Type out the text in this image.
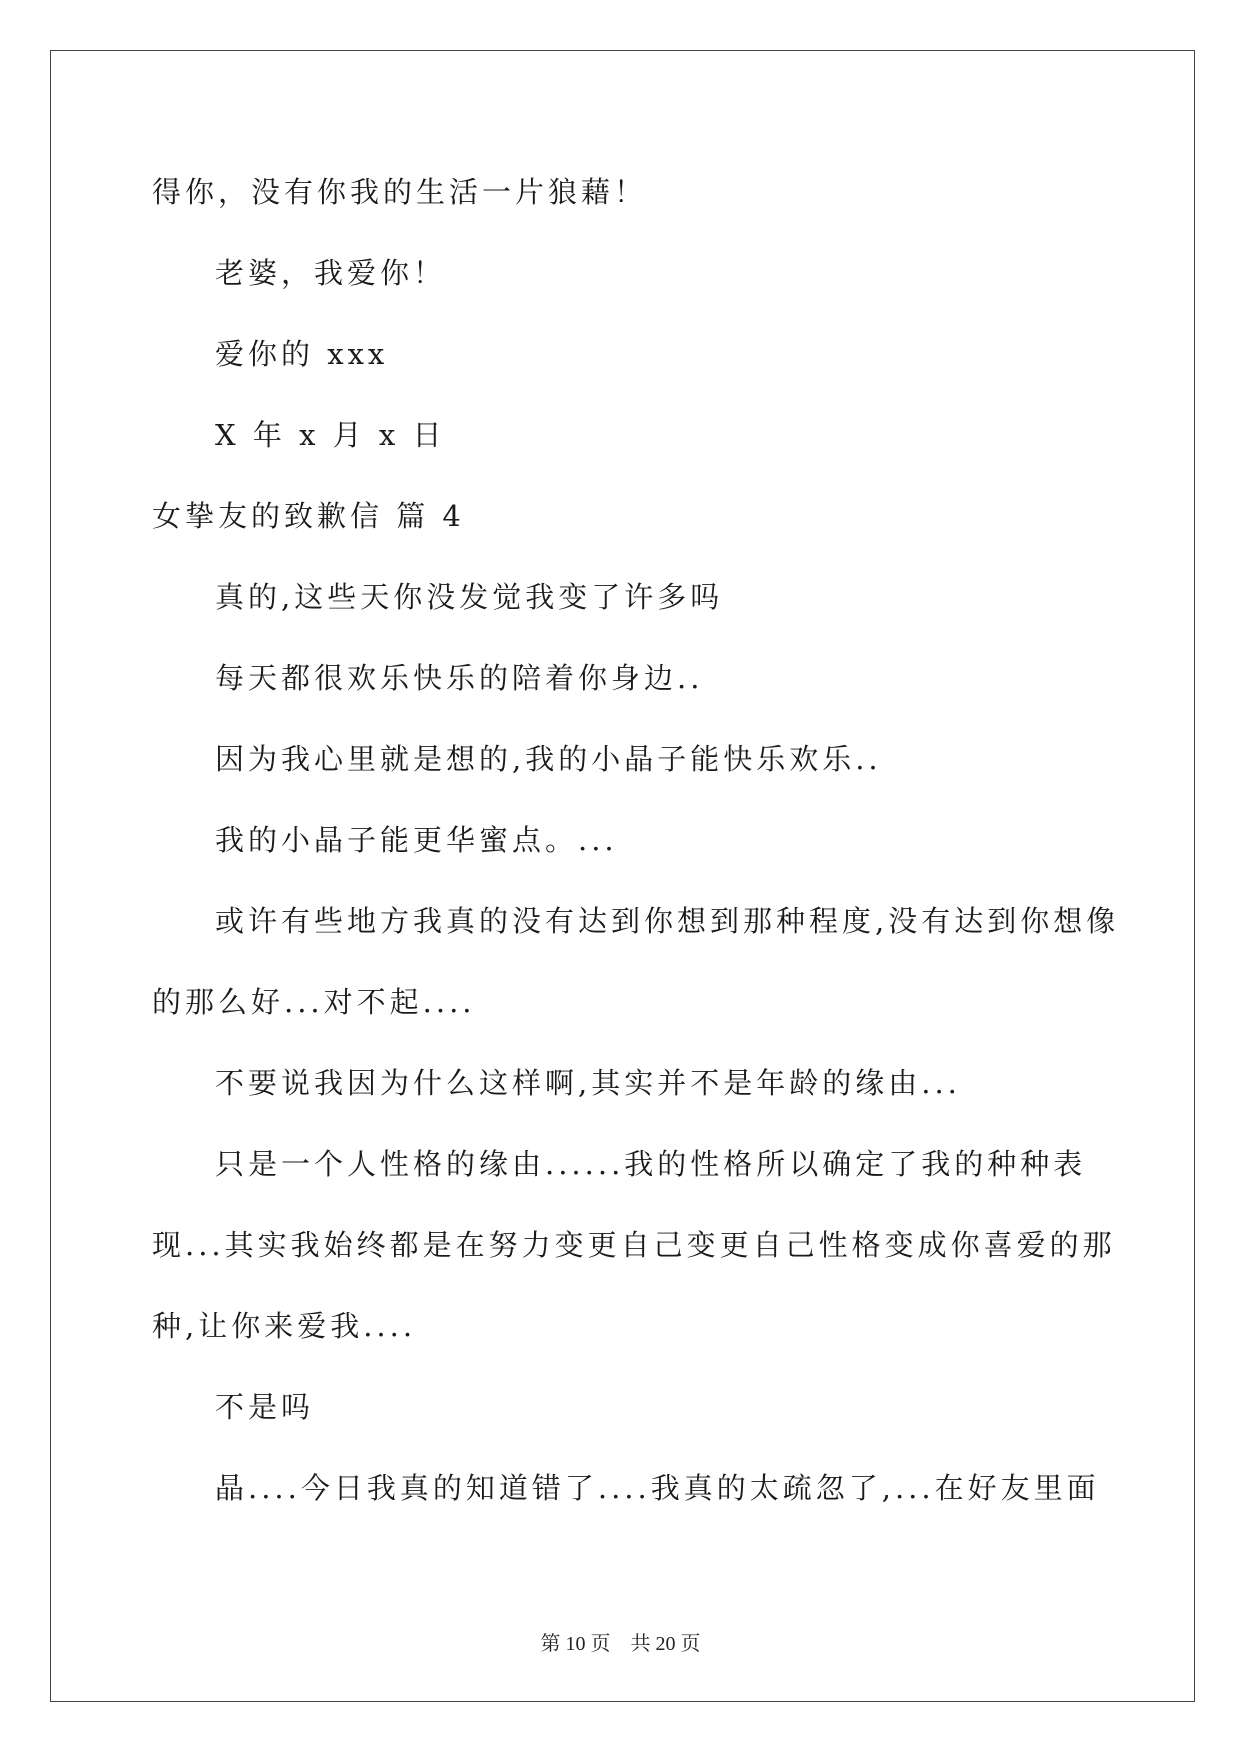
得你，没有你我的生活一片狼藉！
老婆，我爱你！
爱你的 xxx
X 年 x 月 x 日
女挚友的致歉信 篇 4
真的,这些天你没发觉我变了许多吗
每天都很欢乐快乐的陪着你身边..
因为我心里就是想的,我的小晶子能快乐欢乐..
我的小晶子能更华蜜点。...
或许有些地方我真的没有达到你想到那种程度,没有达到你想像
的那么好...对不起....
不要说我因为什么这样啊,其实并不是年龄的缘由...
只是一个人性格的缘由......我的性格所以确定了我的种种表
现...其实我始终都是在努力变更自己变更自己性格变成你喜爱的那
种,让你来爱我....
不是吗
晶....今日我真的知道错了....我真的太疏忽了,...在好友里面
第 10 页　共 20 页
